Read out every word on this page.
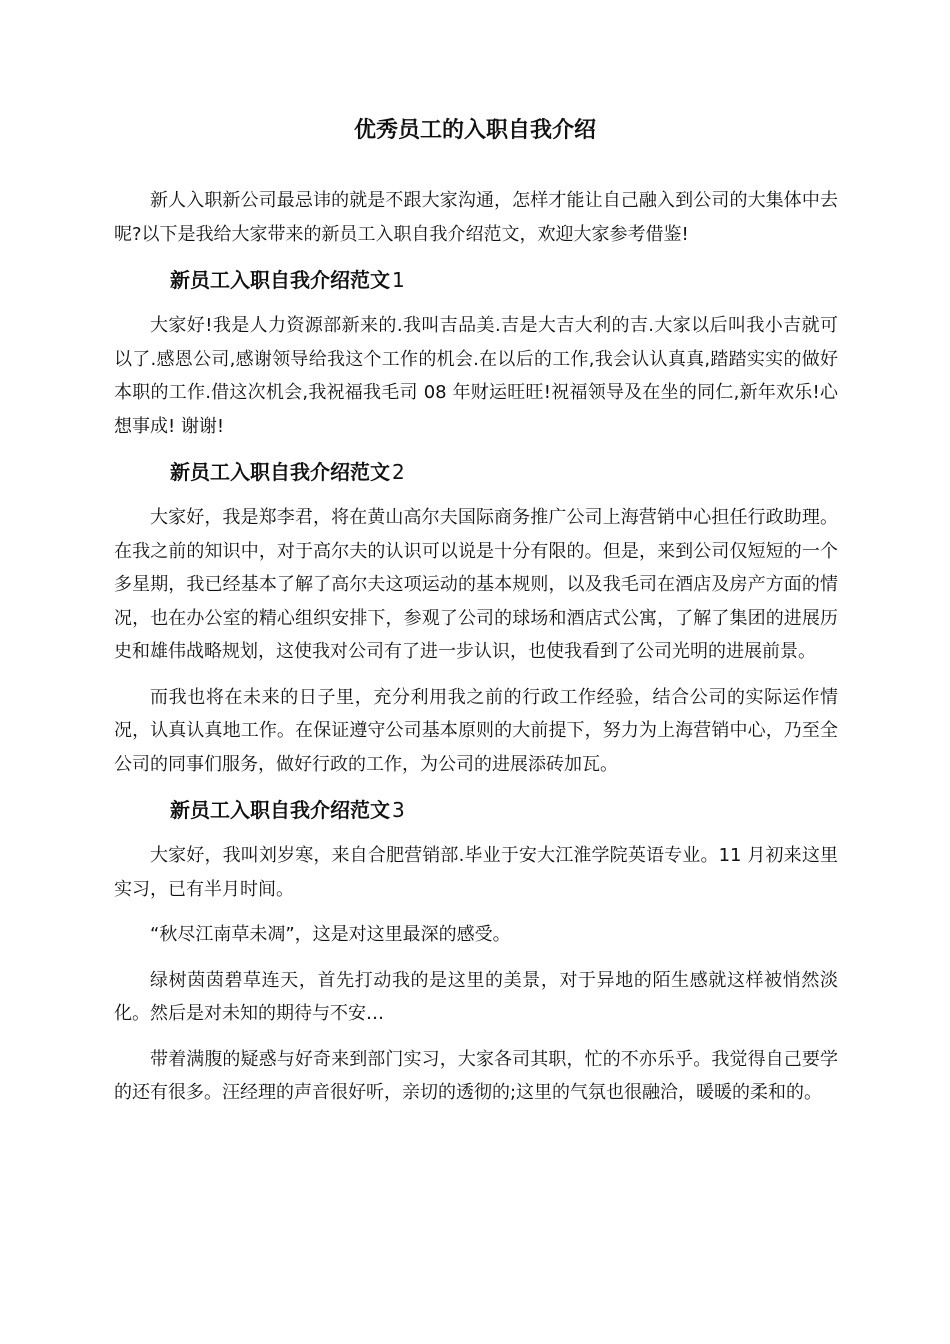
优秀员工的入职自我介绍

新人入职新公司最忌讳的就是不跟大家沟通，怎样才能让自己融入到公司的大集体中去呢?以下是我给大家带来的新员工入职自我介绍范文，欢迎大家参考借鉴!

新员工入职自我介绍范文 1

大家好!我是人力资源部新来的.我叫吉品美.吉是大吉大利的吉.大家以后叫我小吉就可以了.感恩公司,感谢领导给我这个工作的机会.在以后的工作,我会认认真真,踏踏实实的做好本职的工作.借这次机会,我祝福我毛司 08 年财运旺旺!祝福领导及在坐的同仁,新年欢乐!心想事成! 谢谢!

新员工入职自我介绍范文 2

大家好，我是郑李君，将在黄山高尔夫国际商务推广公司上海营销中心担任行政助理。在我之前的知识中，对于高尔夫的认识可以说是十分有限的。但是，来到公司仅短短的一个多星期，我已经基本了解了高尔夫这项运动的基本规则，以及我毛司在酒店及房产方面的情况，也在办公室的精心组织安排下，参观了公司的球场和酒店式公寓，了解了集团的进展历史和雄伟战略规划，这使我对公司有了进一步认识，也使我看到了公司光明的进展前景。

而我也将在未来的日子里，充分利用我之前的行政工作经验，结合公司的实际运作情况，认真认真地工作。在保证遵守公司基本原则的大前提下，努力为上海营销中心，乃至全公司的同事们服务，做好行政的工作，为公司的进展添砖加瓦。

新员工入职自我介绍范文 3

大家好，我叫刘岁寒，来自合肥营销部.毕业于安大江淮学院英语专业。11 月初来这里实习，已有半月时间。

“秋尽江南草未凋”，这是对这里最深的感受。

绿树茵茵碧草连天，首先打动我的是这里的美景，对于异地的陌生感就这样被悄然淡化。然后是对未知的期待与不安…

带着满腹的疑惑与好奇来到部门实习，大家各司其职，忙的不亦乐乎。我觉得自己要学的还有很多。汪经理的声音很好听，亲切的透彻的;这里的气氛也很融洽，暖暖的柔和的。
